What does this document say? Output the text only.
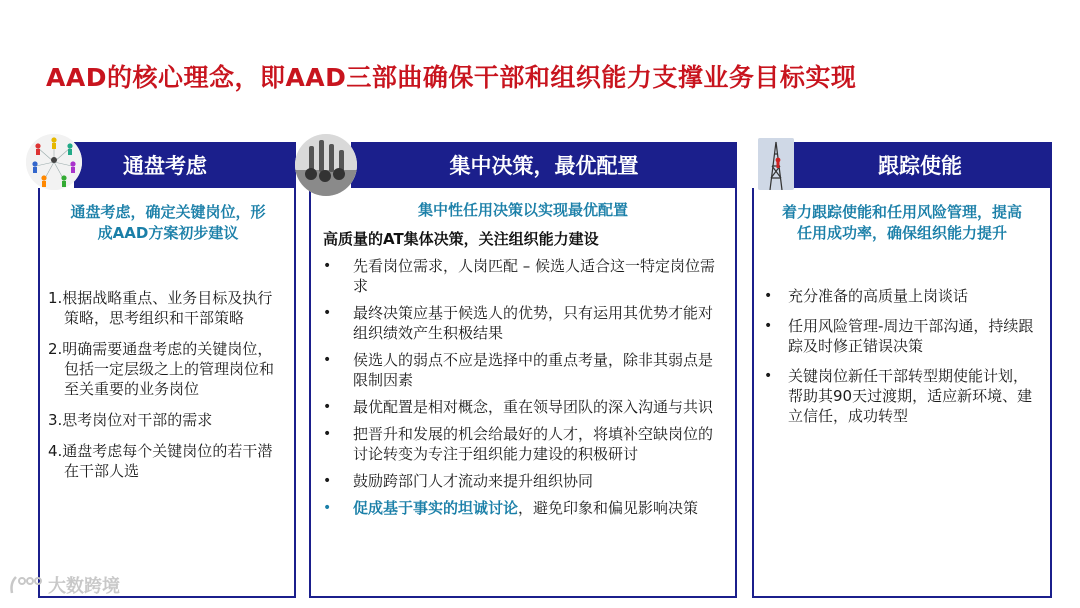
AAD的核心理念，即AAD三部曲确保干部和组织能力支撑业务目标实现
通盘考虑
通盘考虑，确定关键岗位，形
成AAD方案初步建议
1.根据战略重点、业务目标及执行策略，思考组织和干部策略
2.明确需要通盘考虑的关键岗位，包括一定层级之上的管理岗位和至关重要的业务岗位
3.思考岗位对干部的需求
4.通盘考虑每个关键岗位的若干潜在干部人选
集中决策，最优配置
集中性任用决策以实现最优配置
高质量的AT集体决策，关注组织能力建设
• 先看岗位需求，人岗匹配 – 候选人适合这一特定岗位需求
• 最终决策应基于候选人的优势，只有运用其优势才能对组织绩效产生积极结果
• 侯选人的弱点不应是选择中的重点考量，除非其弱点是限制因素
• 最优配置是相对概念，重在领导团队的深入沟通与共识
• 把晋升和发展的机会给最好的人才，将填补空缺岗位的讨论转变为专注于组织能力建设的积极研讨
• 鼓励跨部门人才流动来提升组织协同
• 促成基于事实的坦诚讨论，避免印象和偏见影响决策
跟踪使能
着力跟踪使能和任用风险管理，提高
任用成功率，确保组织能力提升
• 充分准备的高质量上岗谈话
• 任用风险管理-周边干部沟通，持续跟踪及时修正错误决策
• 关键岗位新任干部转型期使能计划，帮助其90天过渡期，适应新环境、建立信任，成功转型
大数跨境
